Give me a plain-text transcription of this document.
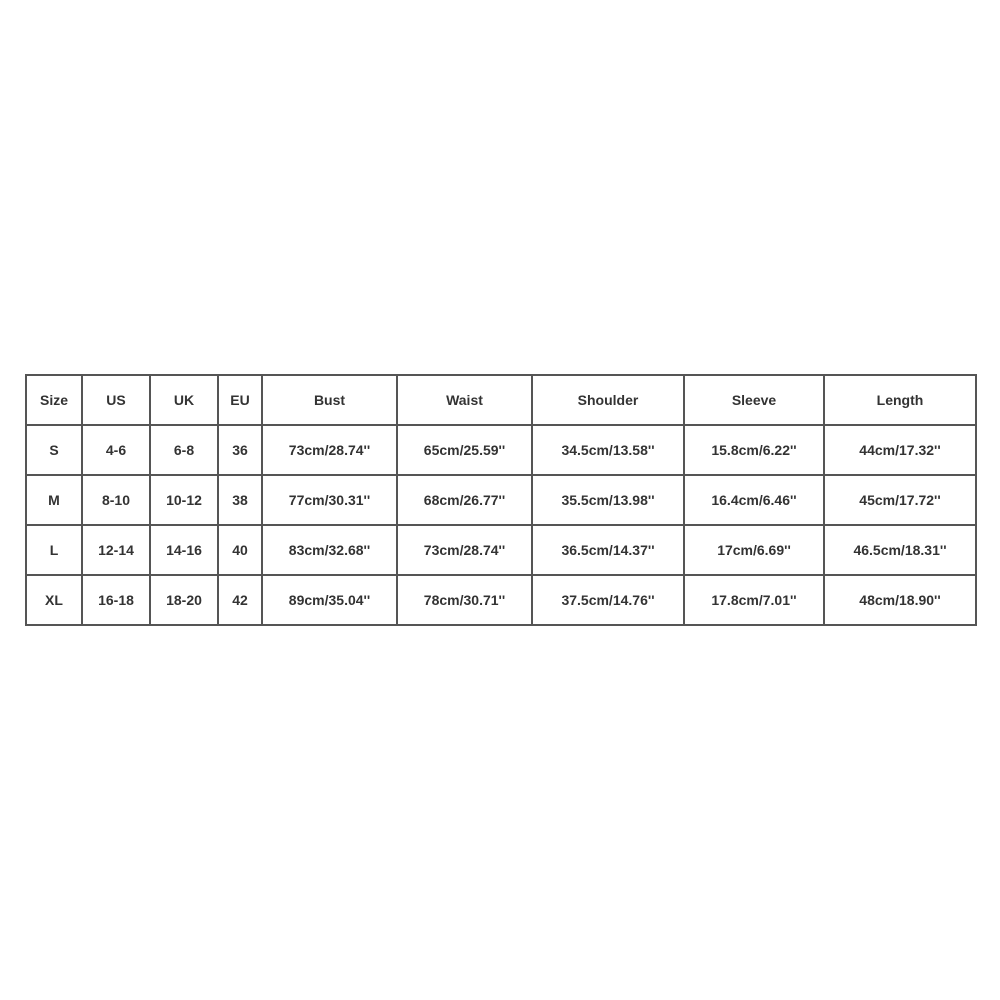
Size	US	UK	EU	Bust	Waist	Shoulder	Sleeve	Length
S	4-6	6-8	36	73cm/28.74''	65cm/25.59''	34.5cm/13.58''	15.8cm/6.22''	44cm/17.32''
M	8-10	10-12	38	77cm/30.31''	68cm/26.77''	35.5cm/13.98''	16.4cm/6.46''	45cm/17.72''
L	12-14	14-16	40	83cm/32.68''	73cm/28.74''	36.5cm/14.37''	17cm/6.69''	46.5cm/18.31''
XL	16-18	18-20	42	89cm/35.04''	78cm/30.71''	37.5cm/14.76''	17.8cm/7.01''	48cm/18.90''
